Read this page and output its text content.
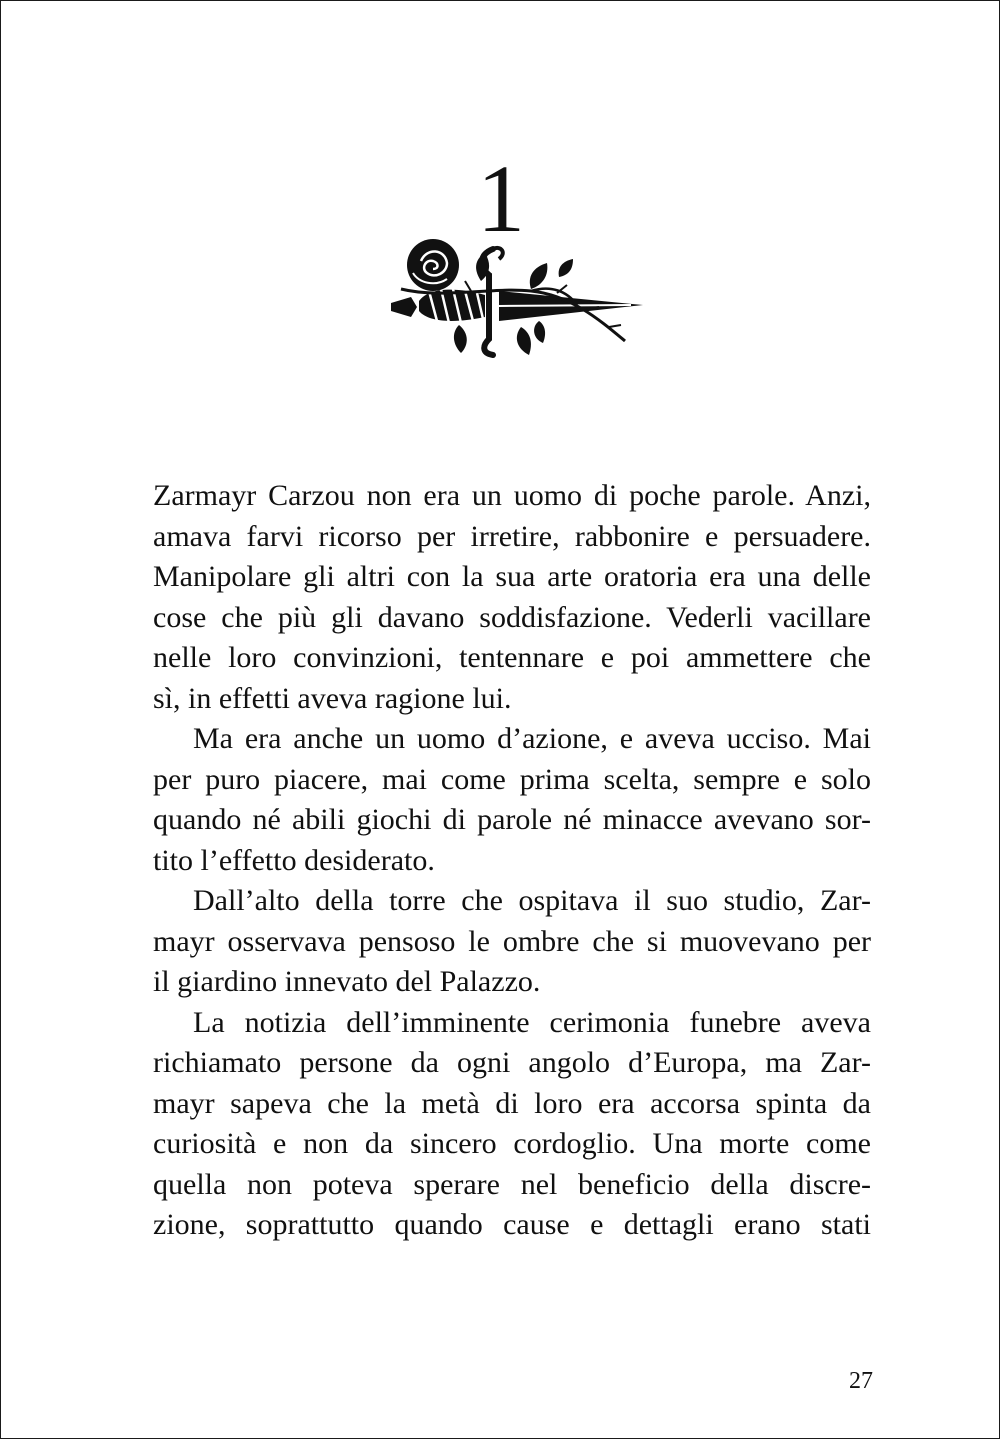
1
Zarmayr Carzou non era un uomo di poche parole. Anzi,
amava farvi ricorso per irretire, rabbonire e persuadere.
Manipolare gli altri con la sua arte oratoria era una delle
cose che più gli davano soddisfazione. Vederli vacillare
nelle loro convinzioni, tentennare e poi ammettere che
sì, in effetti aveva ragione lui.
Ma era anche un uomo d’azione, e aveva ucciso. Mai
per puro piacere, mai come prima scelta, sempre e solo
quando né abili giochi di parole né minacce avevano sor-
tito l’effetto desiderato.
Dall’alto della torre che ospitava il suo studio, Zar-
mayr osservava pensoso le ombre che si muovevano per
il giardino innevato del Palazzo.
La notizia dell’imminente cerimonia funebre aveva
richiamato persone da ogni angolo d’Europa, ma Zar-
mayr sapeva che la metà di loro era accorsa spinta da
curiosità e non da sincero cordoglio. Una morte come
quella non poteva sperare nel beneficio della discre-
zione, soprattutto quando cause e dettagli erano stati
27
